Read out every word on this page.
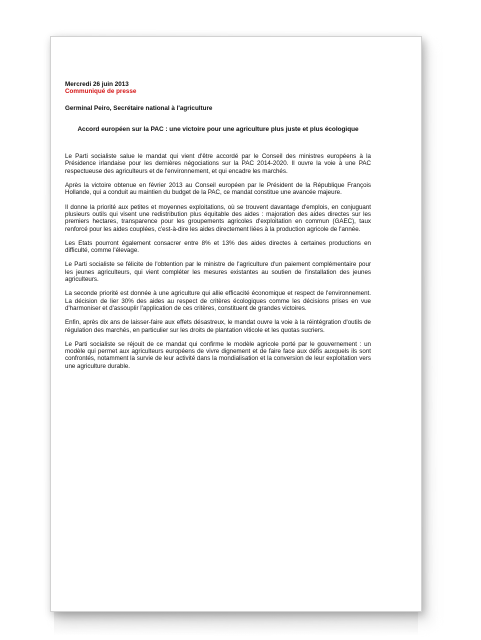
Mercredi 26 juin 2013
Communiqué de presse
Germinal Peiro, Secrétaire national à l'agriculture
Accord européen sur la PAC : une victoire pour une agriculture plus juste et plus écologique

Le Parti socialiste salue le mandat qui vient d'être accordé par le Conseil des ministres européens à la Présidence irlandaise pour les dernières négociations sur la PAC 2014-2020. Il ouvre la voie à une PAC respectueuse des agriculteurs et de l'environnement, et qui encadre les marchés.

Après la victoire obtenue en février 2013 au Conseil européen par le Président de la République François Hollande, qui a conduit au maintien du budget de la PAC, ce mandat constitue une avancée majeure.

Il donne la priorité aux petites et moyennes exploitations, où se trouvent davantage d'emplois, en conjuguant plusieurs outils qui visent une redistribution plus équitable des aides : majoration des aides directes sur les premiers hectares, transparence pour les groupements agricoles d'exploitation en commun (GAEC), taux renforcé pour les aides couplées, c'est-à-dire les aides directement liées à la production agricole de l'année.

Les Etats pourront également consacrer entre 8% et 13% des aides directes à certaines productions en difficulté, comme l'élevage.

Le Parti socialiste se félicite de l'obtention par le ministre de l'agriculture d'un paiement complémentaire pour les jeunes agriculteurs, qui vient compléter les mesures existantes au soutien de l'installation des jeunes agriculteurs.

La seconde priorité est donnée à une agriculture qui allie efficacité économique et respect de l'environnement. La décision de lier 30% des aides au respect de critères écologiques comme les décisions prises en vue d'harmoniser et d'assouplir l'application de ces critères, constituent de grandes victoires.

Enfin, après dix ans de laisser-faire aux effets désastreux, le mandat ouvre la voie à la réintégration d'outils de régulation des marchés, en particulier sur les droits de plantation viticole et les quotas sucriers.

Le Parti socialiste se réjouit de ce mandat qui confirme le modèle agricole porté par le gouvernement : un modèle qui permet aux agriculteurs européens de vivre dignement et de faire face aux défis auxquels ils sont confrontés, notamment la survie de leur activité dans la mondialisation et la conversion de leur exploitation vers une agriculture durable.
